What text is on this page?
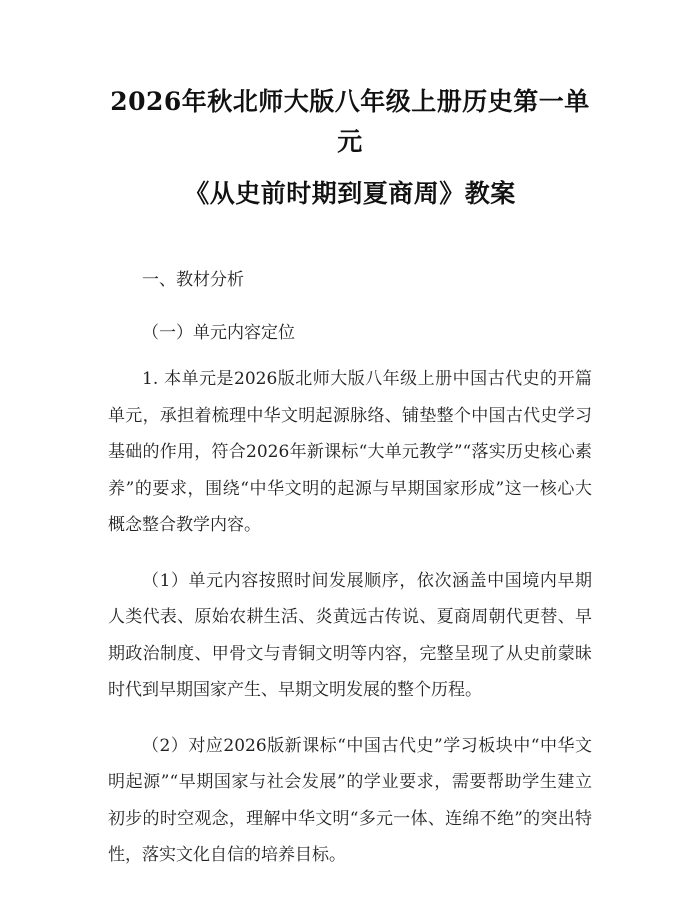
2026年秋北师大版八年级上册历史第一单元
《从史前时期到夏商周》教案

一、教材分析

（一）单元内容定位

1. 本单元是2026版北师大版八年级上册中国古代史的开篇单元，承担着梳理中华文明起源脉络、铺垫整个中国古代史学习基础的作用，符合2026年新课标“大单元教学”“落实历史核心素养”的要求，围绕“中华文明的起源与早期国家形成”这一核心大概念整合教学内容。

（1）单元内容按照时间发展顺序，依次涵盖中国境内早期人类代表、原始农耕生活、炎黄远古传说、夏商周朝代更替、早期政治制度、甲骨文与青铜文明等内容，完整呈现了从史前蒙昧时代到早期国家产生、早期文明发展的整个历程。

（2）对应2026版新课标“中国古代史”学习板块中“中华文明起源”“早期国家与社会发展”的学业要求，需要帮助学生建立初步的时空观念，理解中华文明“多元一体、连绵不绝”的突出特性，落实文化自信的培养目标。
